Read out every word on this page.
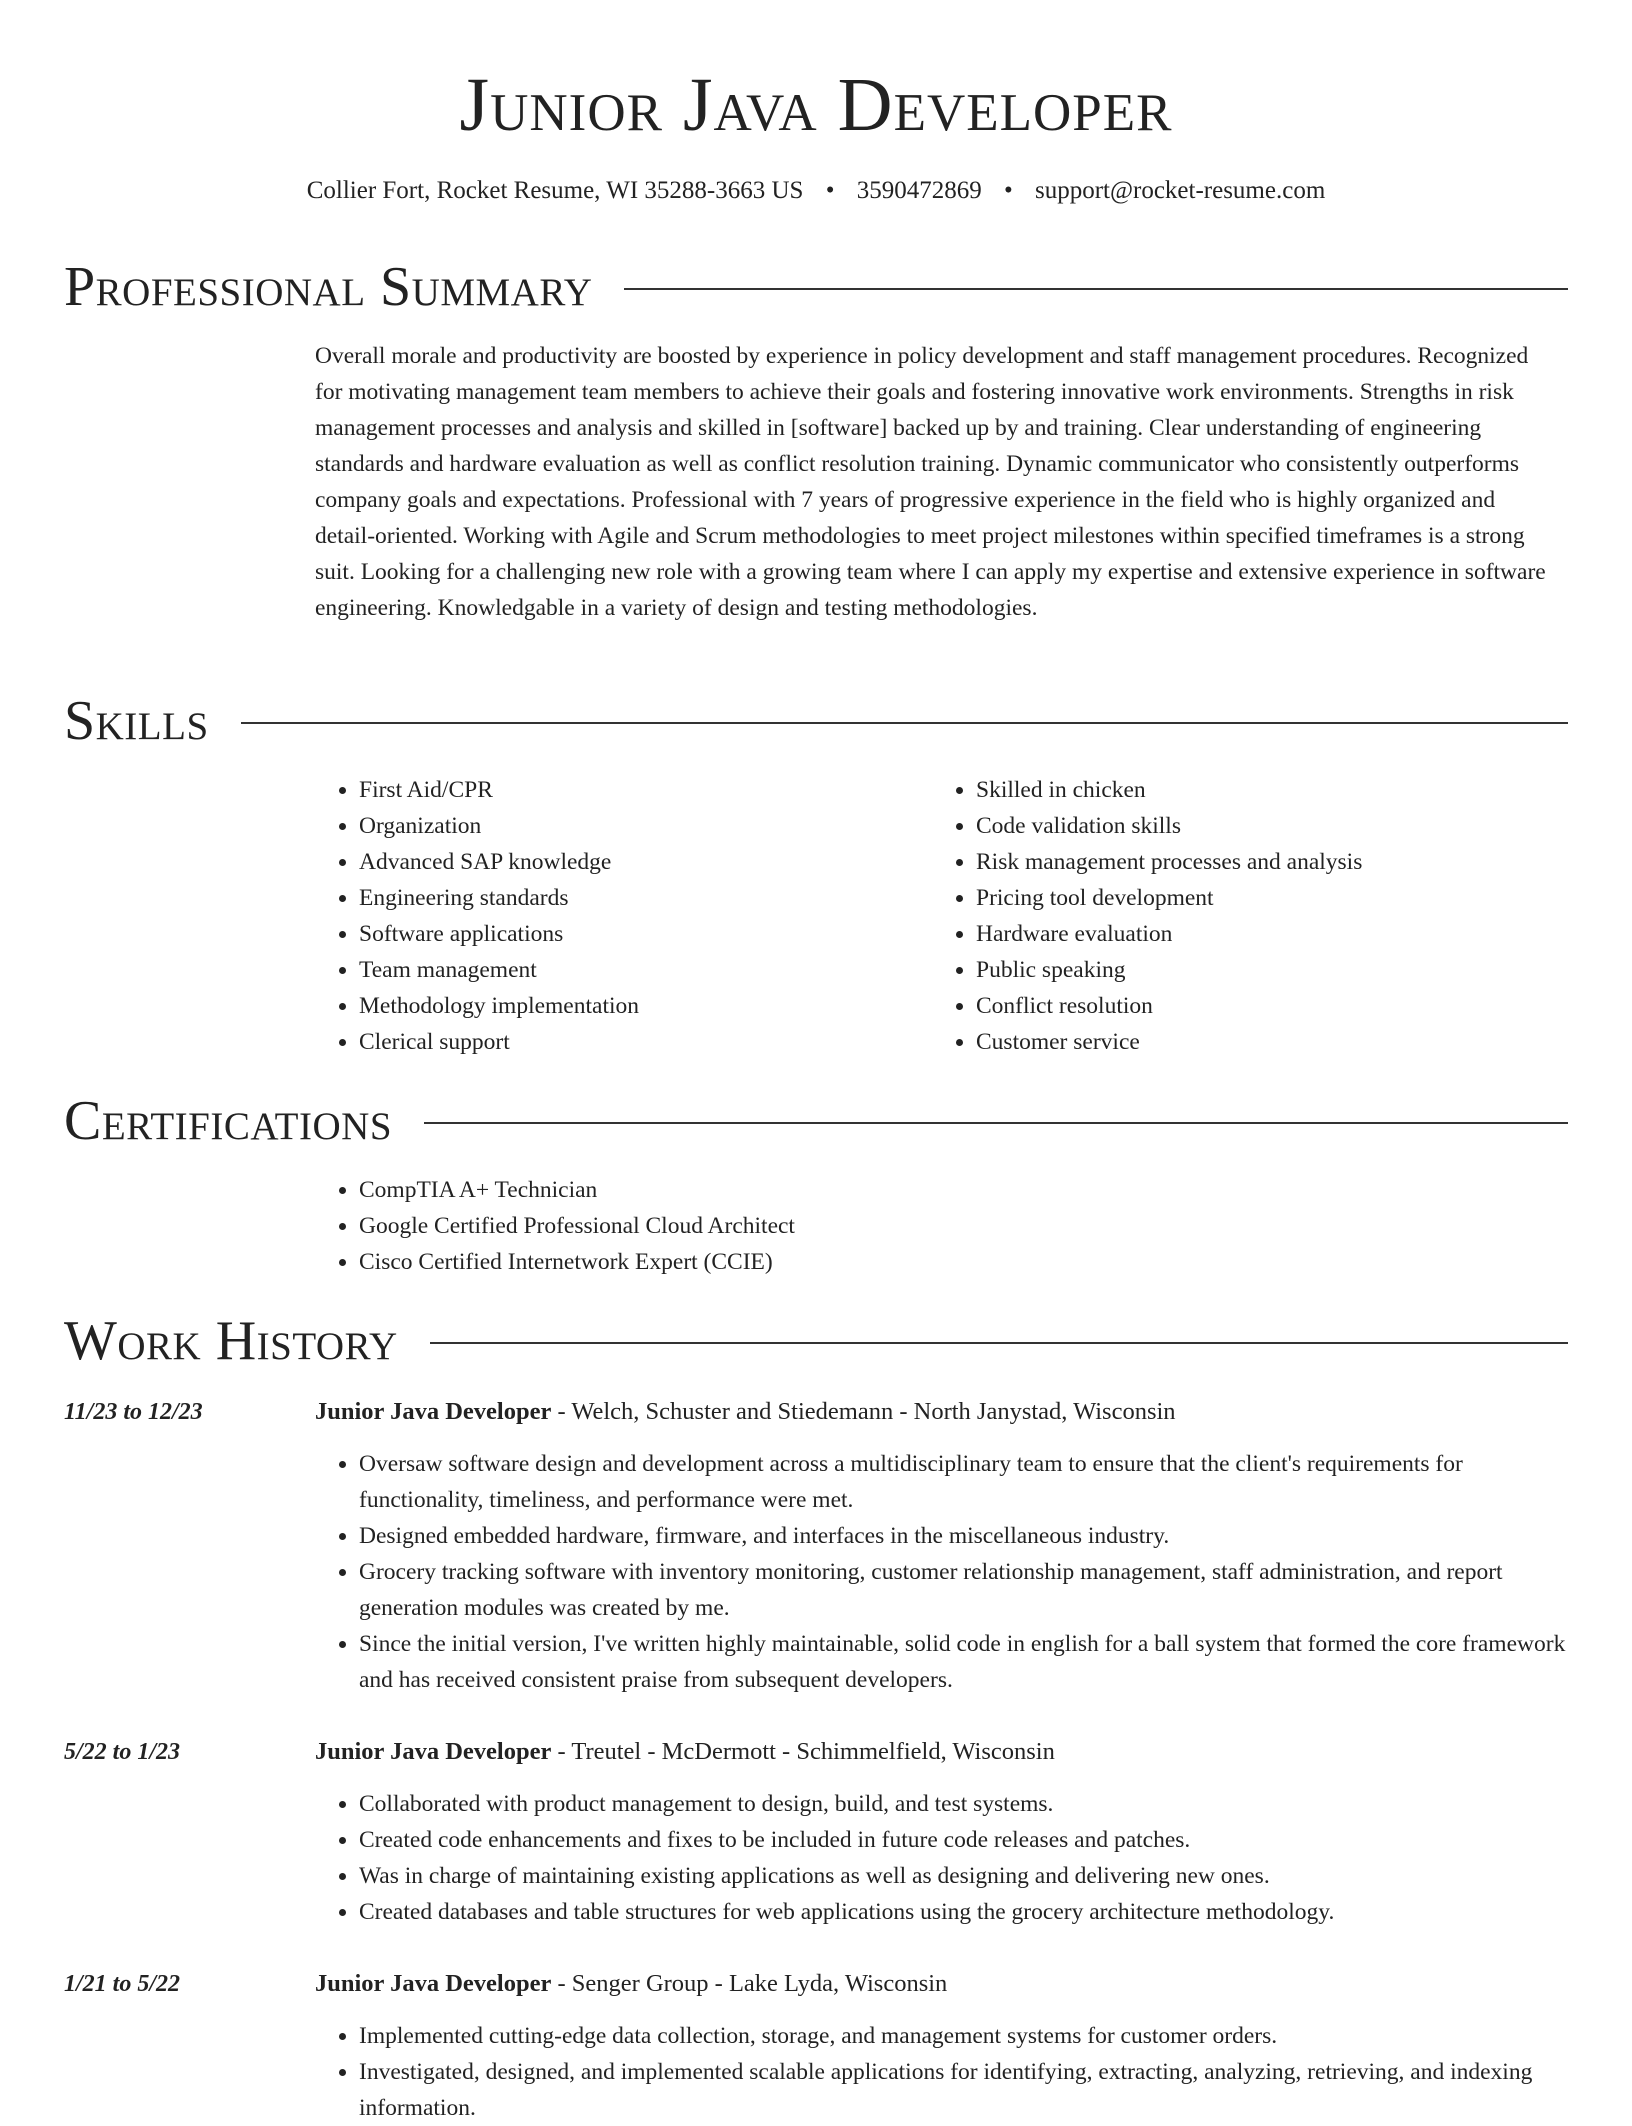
Junior Java Developer
Collier Fort, Rocket Resume, WI 35288-3663 US • 3590472869 • support@rocket-resume.com
Professional Summary

Overall morale and productivity are boosted by experience in policy development and staff management procedures. Recognized for motivating management team members to achieve their goals and fostering innovative work environments. Strengths in risk management processes and analysis and skilled in [software] backed up by and training. Clear understanding of engineering standards and hardware evaluation as well as conflict resolution training. Dynamic communicator who consistently outperforms company goals and expectations. Professional with 7 years of progressive experience in the field who is highly organized and detail-oriented. Working with Agile and Scrum methodologies to meet project milestones within specified timeframes is a strong suit. Looking for a challenging new role with a growing team where I can apply my expertise and extensive experience in software engineering. Knowledgable in a variety of design and testing methodologies.

Skills
• First Aid/CPR
• Organization
• Advanced SAP knowledge
• Engineering standards
• Software applications
• Team management
• Methodology implementation
• Clerical support
• Skilled in chicken
• Code validation skills
• Risk management processes and analysis
• Pricing tool development
• Hardware evaluation
• Public speaking
• Conflict resolution
• Customer service
Certifications
• CompTIA A+ Technician
• Google Certified Professional Cloud Architect
• Cisco Certified Internetwork Expert (CCIE)
Work History
11/23 to 12/23	Junior Java Developer - Welch, Schuster and Stiedemann - North Janystad, Wisconsin
• Oversaw software design and development across a multidisciplinary team to ensure that the client's requirements for functionality, timeliness, and performance were met.
• Designed embedded hardware, firmware, and interfaces in the miscellaneous industry.
• Grocery tracking software with inventory monitoring, customer relationship management, staff administration, and report generation modules was created by me.
• Since the initial version, I've written highly maintainable, solid code in english for a ball system that formed the core framework and has received consistent praise from subsequent developers.
5/22 to 1/23	Junior Java Developer - Treutel - McDermott - Schimmelfield, Wisconsin
• Collaborated with product management to design, build, and test systems.
• Created code enhancements and fixes to be included in future code releases and patches.
• Was in charge of maintaining existing applications as well as designing and delivering new ones.
• Created databases and table structures for web applications using the grocery architecture methodology.
1/21 to 5/22	Junior Java Developer - Senger Group - Lake Lyda, Wisconsin
• Implemented cutting-edge data collection, storage, and management systems for customer orders.
• Investigated, designed, and implemented scalable applications for identifying, extracting, analyzing, retrieving, and indexing information.
